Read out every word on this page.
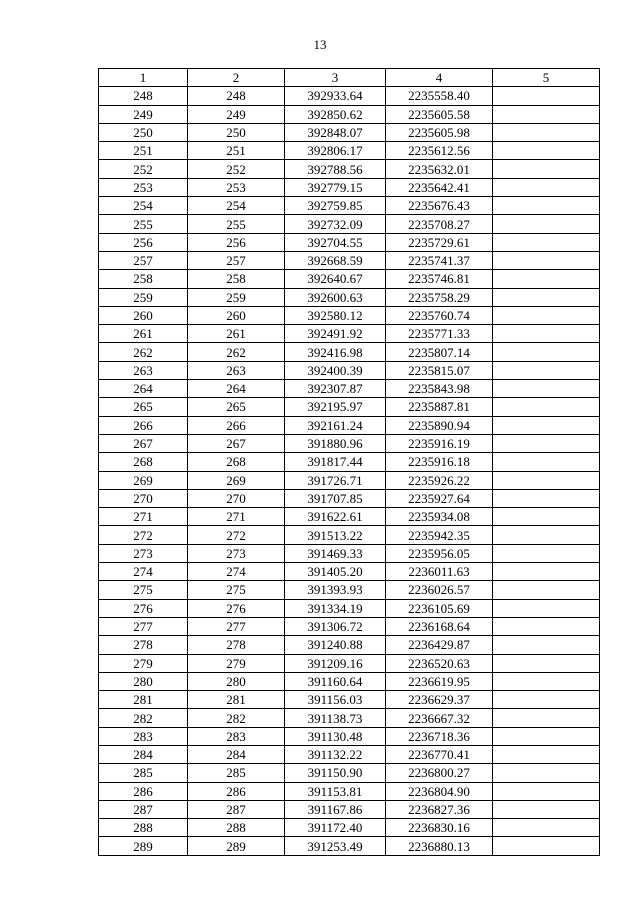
13
1	2	3	4	5
248	248	392933.64	2235558.40	
249	249	392850.62	2235605.58	
250	250	392848.07	2235605.98	
251	251	392806.17	2235612.56	
252	252	392788.56	2235632.01	
253	253	392779.15	2235642.41	
254	254	392759.85	2235676.43	
255	255	392732.09	2235708.27	
256	256	392704.55	2235729.61	
257	257	392668.59	2235741.37	
258	258	392640.67	2235746.81	
259	259	392600.63	2235758.29	
260	260	392580.12	2235760.74	
261	261	392491.92	2235771.33	
262	262	392416.98	2235807.14	
263	263	392400.39	2235815.07	
264	264	392307.87	2235843.98	
265	265	392195.97	2235887.81	
266	266	392161.24	2235890.94	
267	267	391880.96	2235916.19	
268	268	391817.44	2235916.18	
269	269	391726.71	2235926.22	
270	270	391707.85	2235927.64	
271	271	391622.61	2235934.08	
272	272	391513.22	2235942.35	
273	273	391469.33	2235956.05	
274	274	391405.20	2236011.63	
275	275	391393.93	2236026.57	
276	276	391334.19	2236105.69	
277	277	391306.72	2236168.64	
278	278	391240.88	2236429.87	
279	279	391209.16	2236520.63	
280	280	391160.64	2236619.95	
281	281	391156.03	2236629.37	
282	282	391138.73	2236667.32	
283	283	391130.48	2236718.36	
284	284	391132.22	2236770.41	
285	285	391150.90	2236800.27	
286	286	391153.81	2236804.90	
287	287	391167.86	2236827.36	
288	288	391172.40	2236830.16	
289	289	391253.49	2236880.13	
